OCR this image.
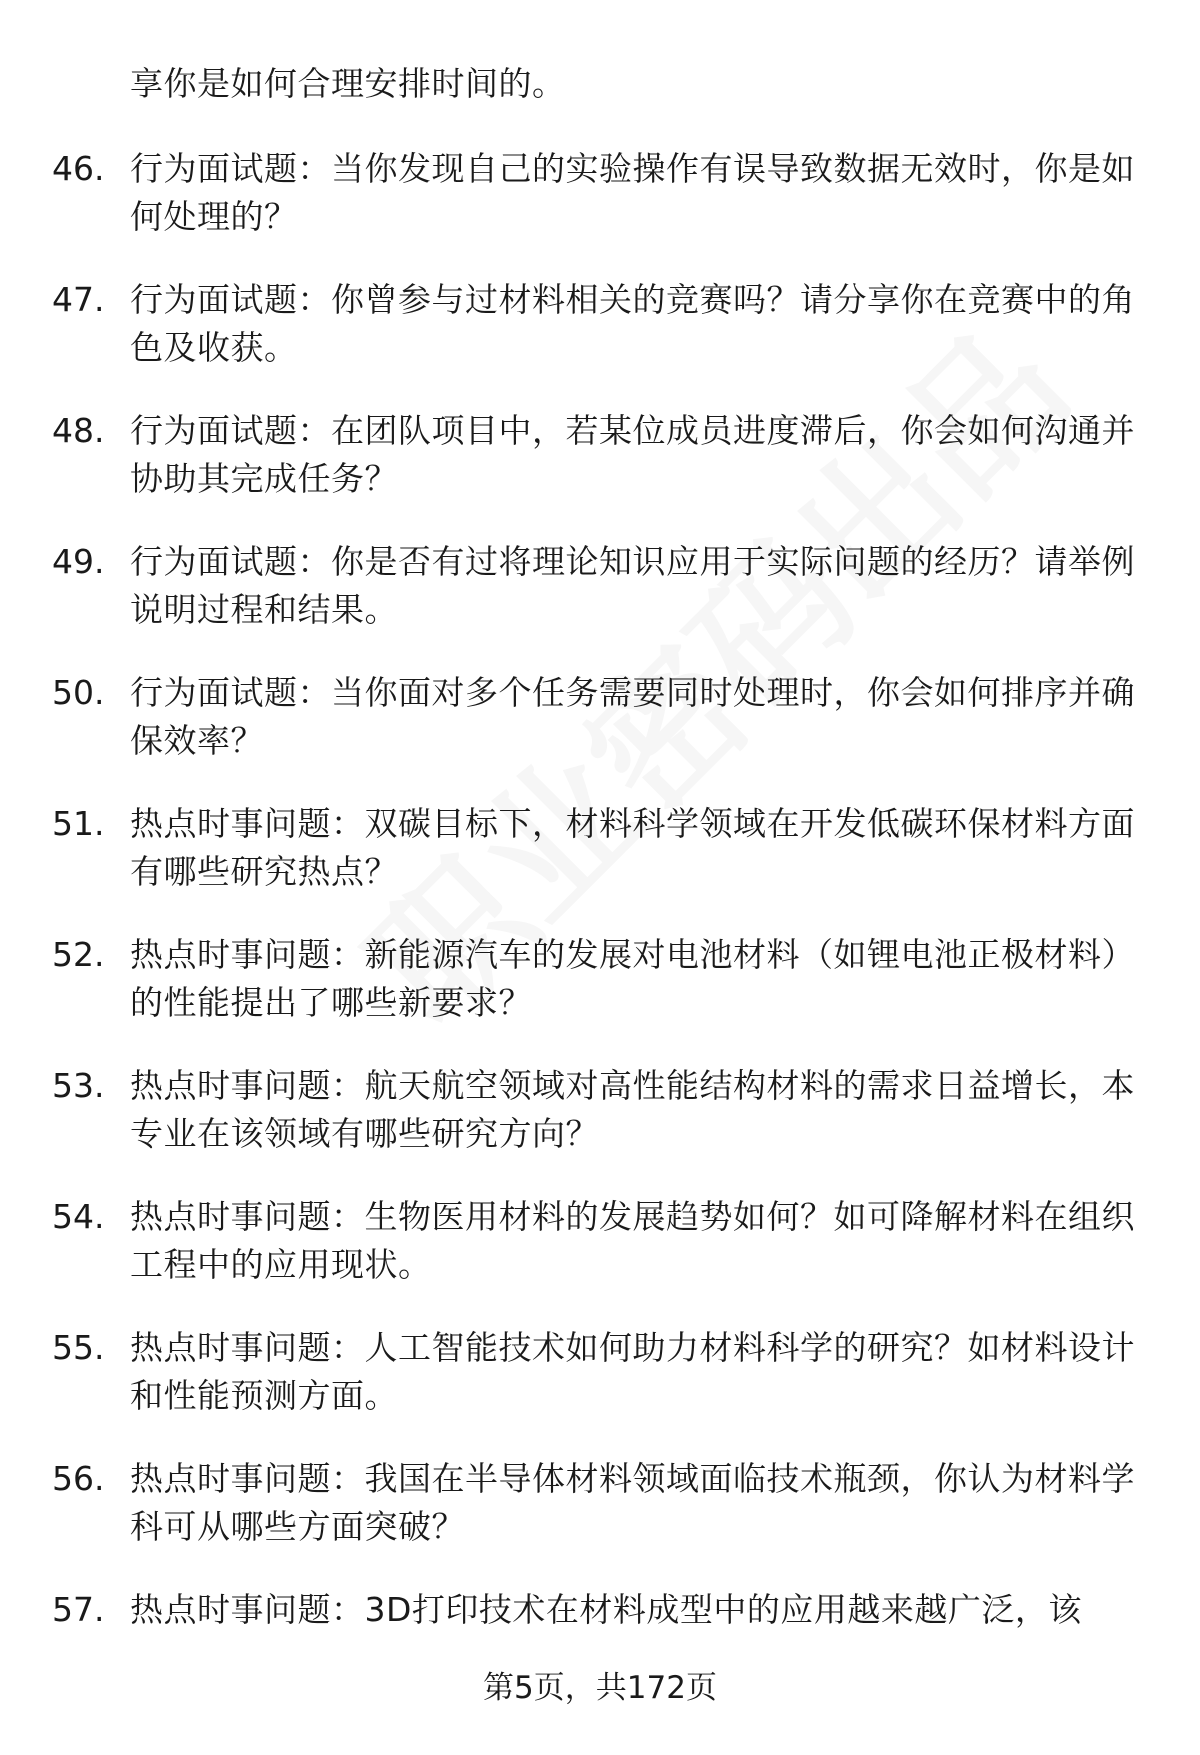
享你是如何合理安排时间的。
46. 行为面试题：当你发现自己的实验操作有误导致数据无效时，你是如何处理的？
47. 行为面试题：你曾参与过材料相关的竞赛吗？请分享你在竞赛中的角色及收获。
48. 行为面试题：在团队项目中，若某位成员进度滞后，你会如何沟通并协助其完成任务？
49. 行为面试题：你是否有过将理论知识应用于实际问题的经历？请举例说明过程和结果。
50. 行为面试题：当你面对多个任务需要同时处理时，你会如何排序并确保效率？
51. 热点时事问题：双碳目标下，材料科学领域在开发低碳环保材料方面有哪些研究热点？
52. 热点时事问题：新能源汽车的发展对电池材料（如锂电池正极材料）的性能提出了哪些新要求？
53. 热点时事问题：航天航空领域对高性能结构材料的需求日益增长，本专业在该领域有哪些研究方向？
54. 热点时事问题：生物医用材料的发展趋势如何？如可降解材料在组织工程中的应用现状。
55. 热点时事问题：人工智能技术如何助力材料科学的研究？如材料设计和性能预测方面。
56. 热点时事问题：我国在半导体材料领域面临技术瓶颈，你认为材料学科可从哪些方面突破？
57. 热点时事问题：3D打印技术在材料成型中的应用越来越广泛，该
第5页，共172页
